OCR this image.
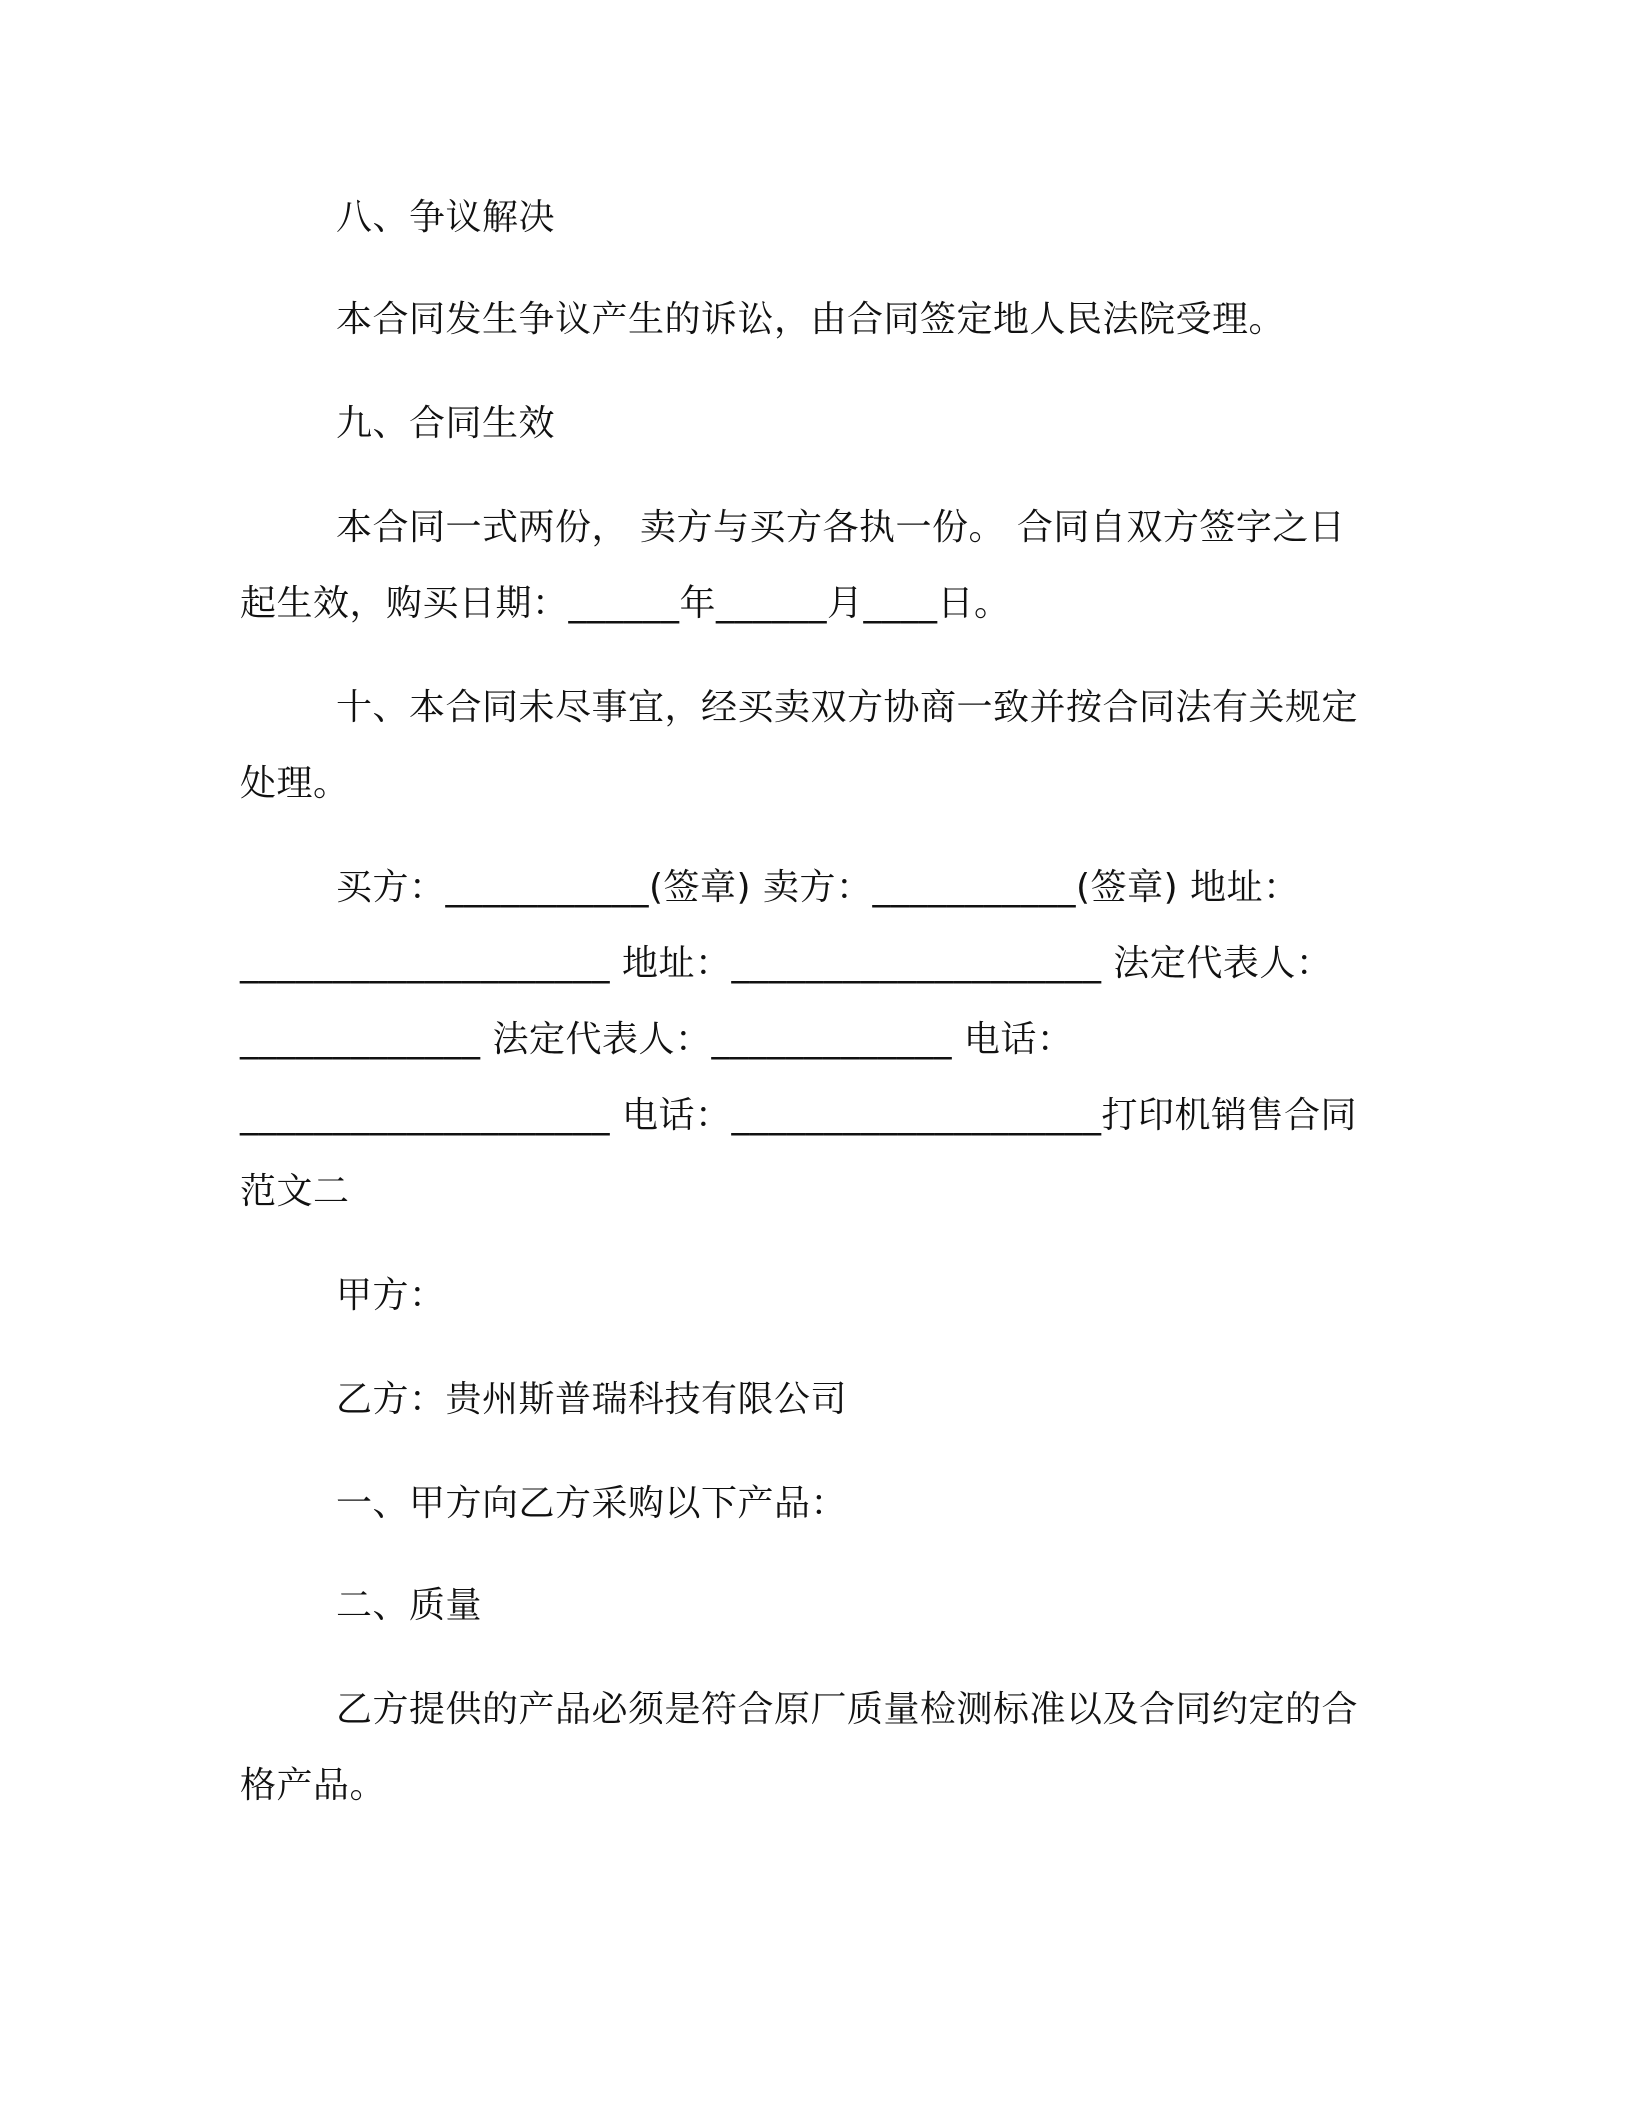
八、争议解决
本合同发生争议产生的诉讼，由合同签定地人民法院受理。
九、合同生效
本合同一式两份， 卖方与买方各执一份。 合同自双方签字之日
起生效，购买日期：______年______月____日。
十、本合同未尽事宜，经买卖双方协商一致并按合同法有关规定
处理。
买方：___________(签章) 卖方：___________(签章) 地址：
____________________ 地址：____________________ 法定代表人：
_____________ 法定代表人：_____________ 电话：
____________________ 电话：____________________打印机销售合同
范文二
甲方：
乙方：贵州斯普瑞科技有限公司
一、甲方向乙方采购以下产品：
二、质量
乙方提供的产品必须是符合原厂质量检测标准以及合同约定的合
格产品。
